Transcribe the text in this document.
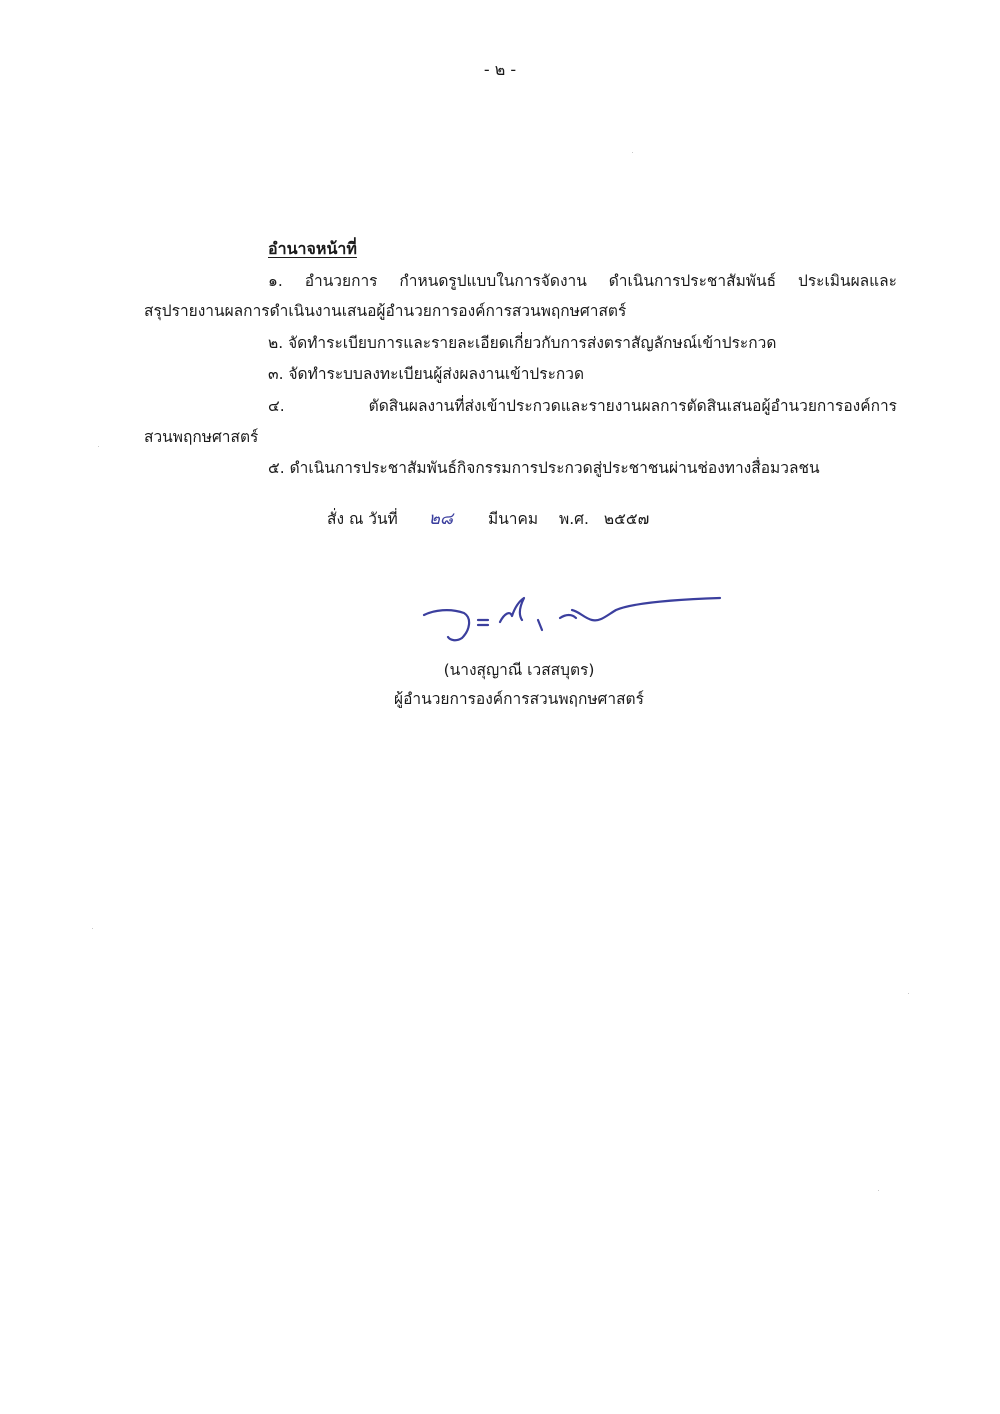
- ๒ -
อำนาจหน้าที่
๑. อำนวยการ กำหนดรูปแบบในการจัดงาน ดำเนินการประชาสัมพันธ์ ประเมินผลและ
สรุปรายงานผลการดำเนินงานเสนอผู้อำนวยการองค์การสวนพฤกษศาสตร์
๒. จัดทำระเบียบการและรายละเอียดเกี่ยวกับการส่งตราสัญลักษณ์เข้าประกวด
๓. จัดทำระบบลงทะเบียนผู้ส่งผลงานเข้าประกวด
๔. ตัดสินผลงานที่ส่งเข้าประกวดและรายงานผลการตัดสินเสนอผู้อำนวยการองค์การ
สวนพฤกษศาสตร์
๕. ดำเนินการประชาสัมพันธ์กิจกรรมการประกวดสู่ประชาชนผ่านช่องทางสื่อมวลชน
สั่ง ณ วันที่ ๒๘ มีนาคม พ.ศ. ๒๕๕๗
(นางสุญาณี เวสสบุตร)
ผู้อำนวยการองค์การสวนพฤกษศาสตร์
